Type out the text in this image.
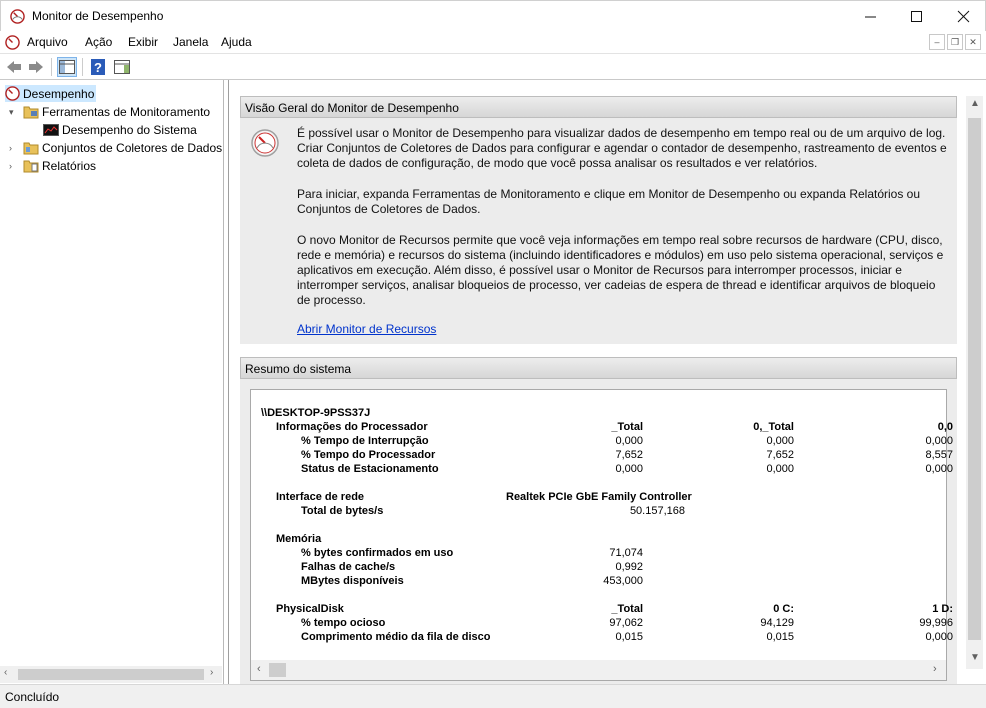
Monitor de Desempenho
Arquivo Ação Exibir Janela Ajuda	– ❐ ✕
?
Desempenho
▾	Ferramentas de Monitoramento
Desempenho do Sistema
›	Conjuntos de Coletores de Dados
›	Relatórios
‹	›
Visão Geral do Monitor de Desempenho
É possível usar o Monitor de Desempenho para visualizar dados de desempenho em tempo real ou de um arquivo de log. Criar Conjuntos de Coletores de Dados para configurar e agendar o contador de desempenho, rastreamento de eventos e coleta de dados de configuração, de modo que você possa analisar os resultados e ver relatórios.
Para iniciar, expanda Ferramentas de Monitoramento e clique em Monitor de Desempenho ou expanda Relatórios ou Conjuntos de Coletores de Dados.
O novo Monitor de Recursos permite que você veja informações em tempo real sobre recursos de hardware (CPU, disco, rede e memória) e recursos do sistema (incluindo identificadores e módulos) em uso pelo sistema operacional, serviços e aplicativos em execução. Além disso, é possível usar o Monitor de Recursos para interromper processos, iniciar e interromper serviços, analisar bloqueios de processo, ver cadeias de espera de thread e identificar arquivos de bloqueio de processo.
Abrir Monitor de Recursos
Resumo do sistema
\\DESKTOP-9PSS37J
Informações do Processador	_Total	0,_Total	0,0
% Tempo de Interrupção	0,000	0,000	0,000
% Tempo do Processador	7,652	7,652	8,557
Status de Estacionamento	0,000	0,000	0,000
Interface de rede	Realtek PCIe GbE Family Controller
Total de bytes/s	50.157,168
Memória
% bytes confirmados em uso	71,074
Falhas de cache/s	0,992
MBytes disponíveis	453,000
PhysicalDisk	_Total	0 C:	1 D:
% tempo ocioso	97,062	94,129	99,996
Comprimento médio da fila de disco	0,015	0,015	0,000
‹	›
▲
▼
Concluído
